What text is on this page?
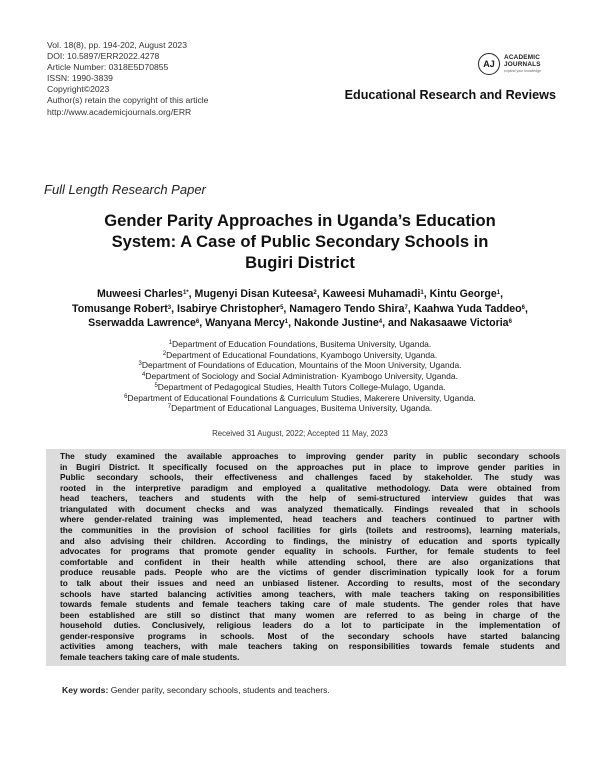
Vol. 18(8), pp. 194-202, August 2023
DOI: 10.5897/ERR2022.4278
Article Number: 0318E5D70855
ISSN: 1990-3839
Copyright©2023
Author(s) retain the copyright of this article
http://www.academicjournals.org/ERR
AJ
ACADEMIC
JOURNALS
expand your knowledge
Educational Research and Reviews
Full Length Research Paper
Gender Parity Approaches in Uganda’s Education
System: A Case of Public Secondary Schools in
Bugiri District
Muweesi Charles$^{1*}$, Mugenyi Disan Kuteesa$^2$, Kaweesi Muhamadi$^1$, Kintu George$^1$,
Tomusange Robert$^3$, Isabirye Christopher$^5$, Namagero Tendo Shira$^7$, Kaahwa Yuda Taddeo$^6$,
Sserwadda Lawrence$^6$, Wanyana Mercy$^1$, Nakonde Justine$^4$, and Nakasaawe Victoria$^6$
$^1$Department of Education Foundations, Busitema University, Uganda.
$^2$Department of Educational Foundations, Kyambogo University, Uganda.
$^3$Department of Foundations of Education, Mountains of the Moon University, Uganda.
$^4$Department of Sociology and Social Administration· Kyambogo University, Uganda.
$^5$Department of Pedagogical Studies, Health Tutors College-Mulago, Uganda.
$^6$Department of Educational Foundations & Curriculum Studies, Makerere University, Uganda.
$^7$Department of Educational Languages, Busitema University, Uganda.
Received 31 August, 2022; Accepted 11 May, 2023
The study examined the available approaches to improving gender parity in public secondary schools
in Bugiri District. It specifically focused on the approaches put in place to improve gender parities in
Public secondary schools, their effectiveness and challenges faced by stakeholder. The study was
rooted in the interpretive paradigm and employed a qualitative methodology. Data were obtained from
head teachers, teachers and students with the help of semi-structured interview guides that was
triangulated with document checks and was analyzed thematically. Findings revealed that in schools
where gender-related training was implemented, head teachers and teachers continued to partner with
the communities in the provision of school facilities for girls (toilets and restrooms), learning materials,
and also advising their children. According to findings, the ministry of education and sports typically
advocates for programs that promote gender equality in schools. Further, for female students to feel
comfortable and confident in their health while attending school, there are also organizations that
produce reusable pads. People who are the victims of gender discrimination typically look for a forum
to talk about their issues and need an unbiased listener. According to results, most of the secondary
schools have started balancing activities among teachers, with male teachers taking on responsibilities
towards female students and female teachers taking care of male students. The gender roles that have
been established are still so distinct that many women are referred to as being in charge of the
household duties. Conclusively, religious leaders do a lot to participate in the implementation of
gender-responsive programs in schools. Most of the secondary schools have started balancing
activities among teachers, with male teachers taking on responsibilities towards female students and
female teachers taking care of male students.
Key words: Gender parity, secondary schools, students and teachers.
